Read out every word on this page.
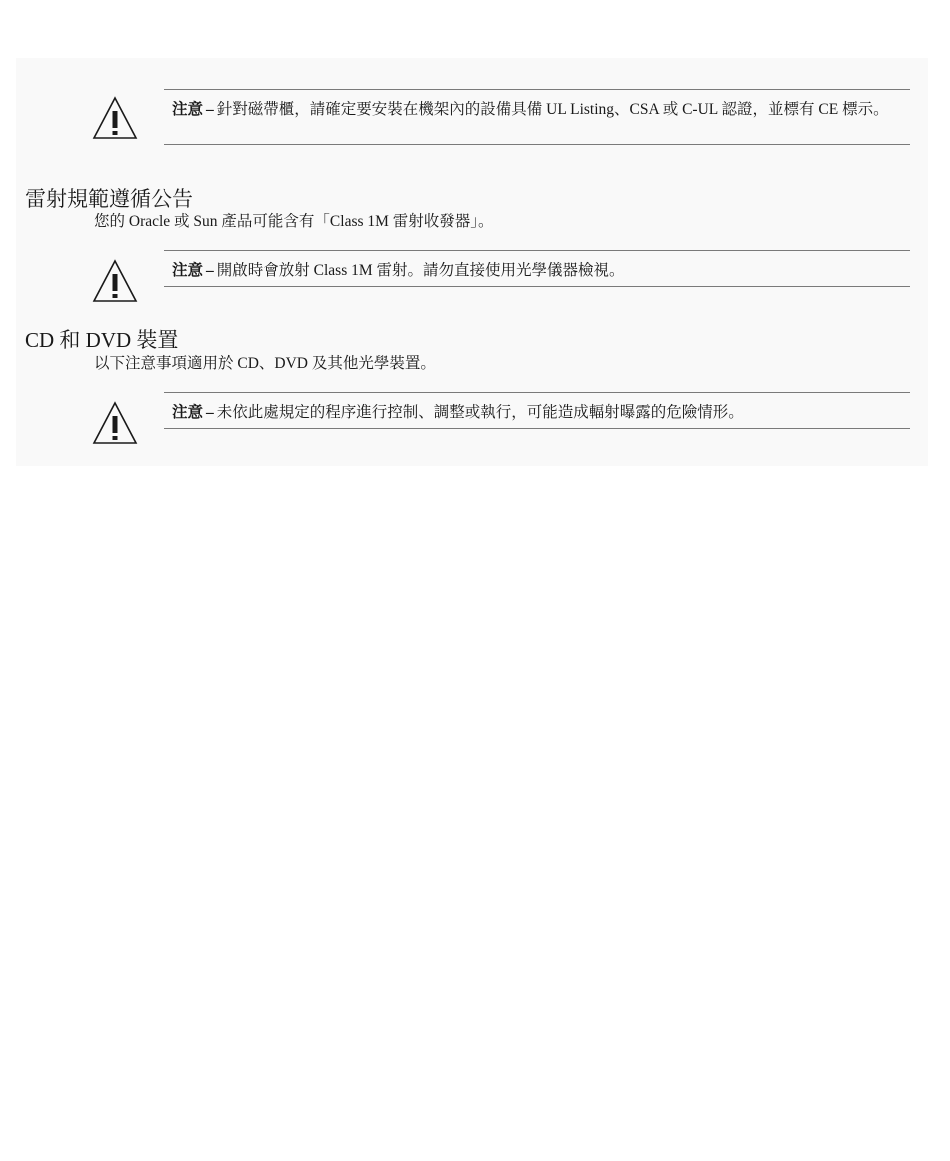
注意 – 針對磁帶櫃，請確定要安裝在機架內的設備具備 UL Listing、CSA 或 C-UL 認證，並標有 CE 標示。
雷射規範遵循公告

您的 Oracle 或 Sun 產品可能含有「Class 1M 雷射收發器」。

注意 – 開啟時會放射 Class 1M 雷射。請勿直接使用光學儀器檢視。
CD 和 DVD 裝置

以下注意事項適用於 CD、DVD 及其他光學裝置。

注意 – 未依此處規定的程序進行控制、調整或執行，可能造成輻射曝露的危險情形。
